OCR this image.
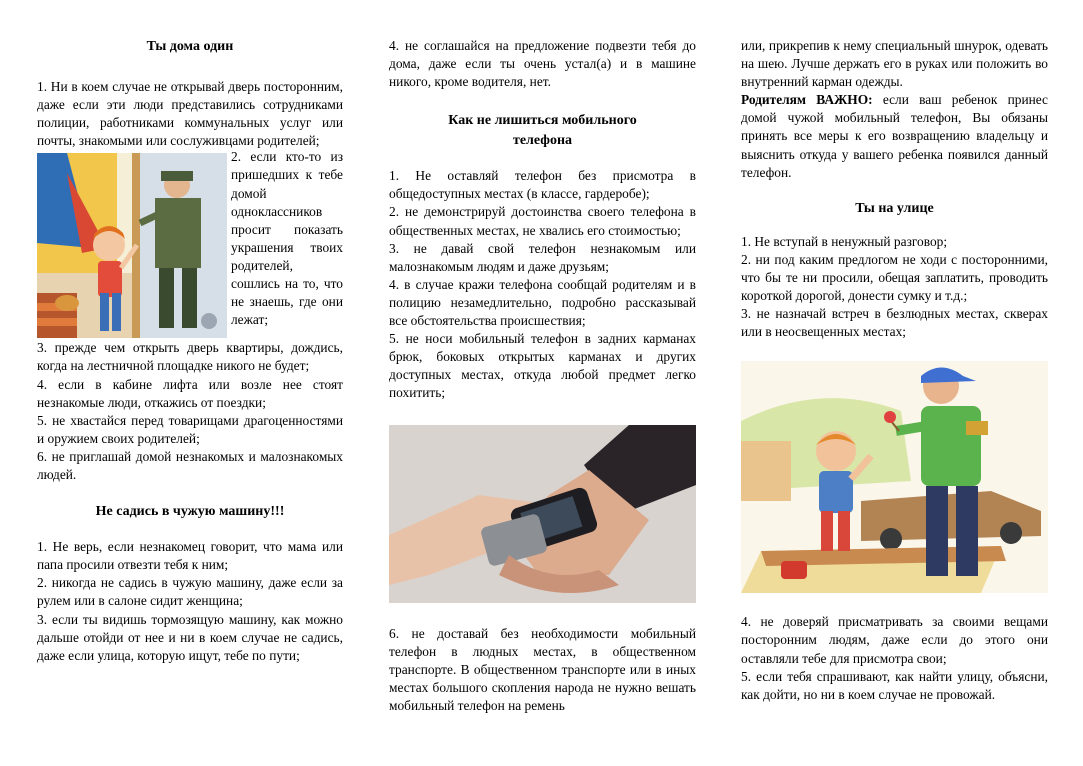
Ты дома один

1. Ни в коем случае не открывай дверь посторонним, даже если эти люди представились сотрудниками полиции, работниками коммунальных услуг или почты, знакомыми или сослуживцами родителей;

2. если кто-то из пришедших к тебе домой одноклассников просит показать украшения твоих родителей, сошлись на то, что не знаешь, где они лежат;

3. прежде чем открыть дверь квартиры, дождись, когда на лестничной площадке никого не будет;

4. если в кабине лифта или возле нее стоят незнакомые люди, откажись от поездки;

5. не хвастайся перед товарищами драгоценностями и оружием своих родителей;

6. не приглашай домой незнакомых и малознакомых людей.

Не садись в чужую машину!!!

1. Не верь, если незнакомец говорит, что мама или папа просили отвезти тебя к ним;

2. никогда не садись в чужую машину, даже если за рулем или в салоне сидит женщина;

3. если ты видишь тормозящую машину, как можно дальше отойди от нее и ни в коем случае не садись, даже если улица, которую ищут, тебе по пути;

4. не соглашайся на предложение подвезти тебя до дома, даже если ты очень устал(а) и в машине никого, кроме водителя, нет.

Как не лишиться мобильного телефона

1. Не оставляй телефон без присмотра в общедоступных местах (в классе, гардеробе);

2. не демонстрируй достоинства своего телефона в общественных местах, не хвались его стоимостью;

3. не давай свой телефон незнакомым или малознакомым людям и даже друзьям;

4. в случае кражи телефона сообщай родителям и в полицию незамедлительно, подробно рассказывай все обстоятельства происшествия;

5. не носи мобильный телефон в задних карманах брюк, боковых открытых карманах и других доступных местах, откуда любой предмет легко похитить;

6. не доставай без необходимости мобильный телефон в людных местах, в общественном транспорте. В общественном транспорте или в иных местах большого скопления народа не нужно вешать мобильный телефон на ремень

или, прикрепив к нему специальный шнурок, одевать на шею. Лучше держать его в руках или положить во внутренний карман одежды.

Родителям ВАЖНО: если ваш ребенок принес домой чужой мобильный телефон, Вы обязаны принять все меры к его возвращению владельцу и выяснить откуда у вашего ребенка появился данный телефон.

Ты на улице

1. Не вступай в ненужный разговор;

2. ни под каким предлогом не ходи с посторонними, что бы те ни просили, обещая заплатить, проводить короткой дорогой, донести сумку и т.д.;

3. не назначай встреч в безлюдных местах, скверах или в неосвещенных местах;

4. не доверяй присматривать за своими вещами посторонним людям, даже если до этого они оставляли тебе для присмотра свои;

5. если тебя спрашивают, как найти улицу, объясни, как дойти, но ни в коем случае не провожай.
